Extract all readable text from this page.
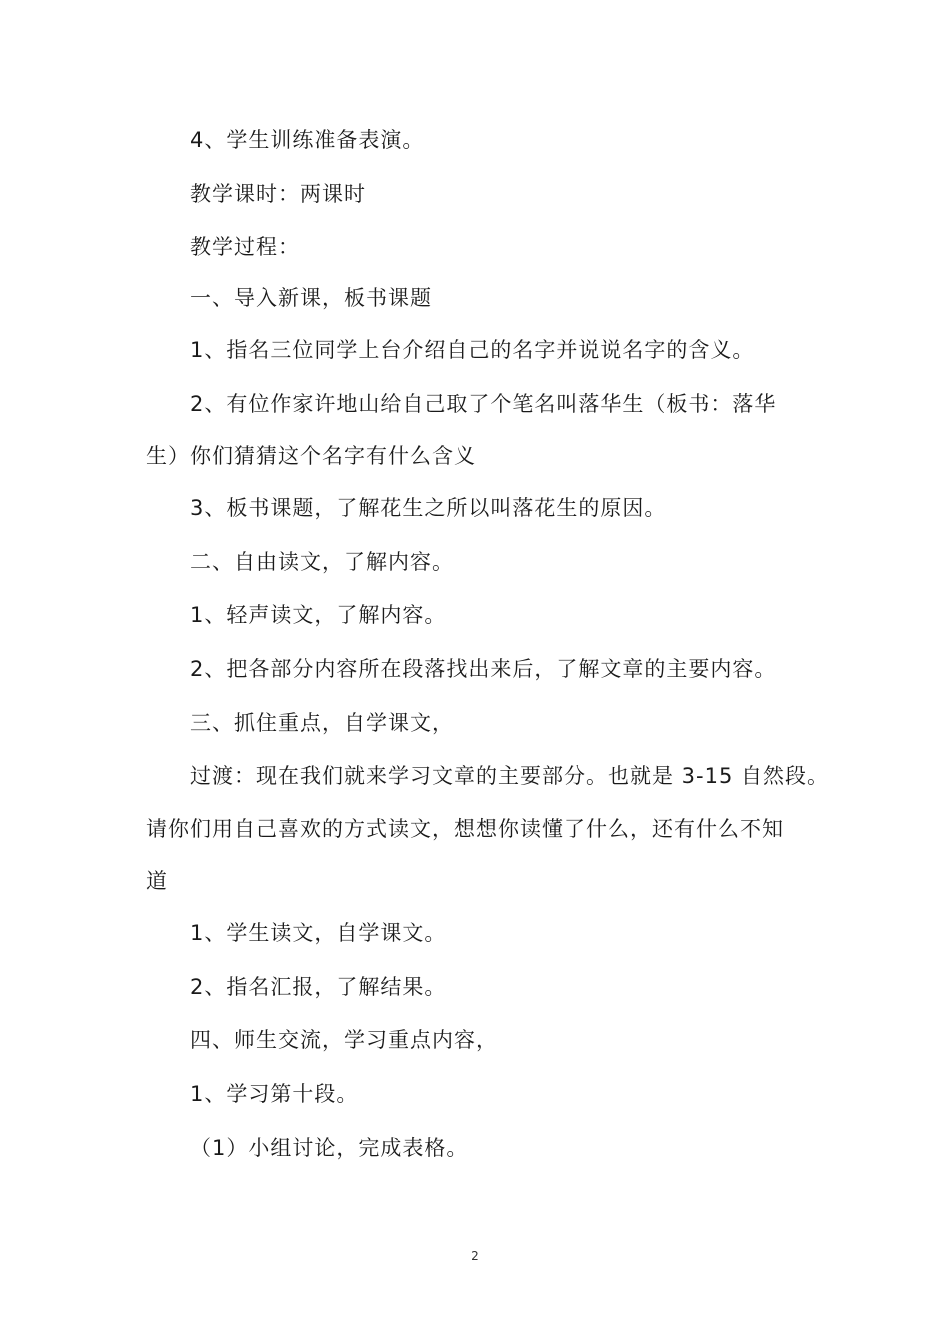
4、学生训练准备表演。
教学课时：两课时
教学过程：
一、导入新课，板书课题
1、指名三位同学上台介绍自己的名字并说说名字的含义。
2、有位作家许地山给自己取了个笔名叫落华生（板书：落华
生）你们猜猜这个名字有什么含义
3、板书课题，了解花生之所以叫落花生的原因。
二、自由读文，了解内容。
1、轻声读文，了解内容。
2、把各部分内容所在段落找出来后，了解文章的主要内容。
三、抓住重点，自学课文，
过渡：现在我们就来学习文章的主要部分。也就是 3-15 自然段。
请你们用自己喜欢的方式读文，想想你读懂了什么，还有什么不知
道
1、学生读文，自学课文。
2、指名汇报，了解结果。
四、师生交流，学习重点内容，
1、学习第十段。
（1）小组讨论，完成表格。
2
